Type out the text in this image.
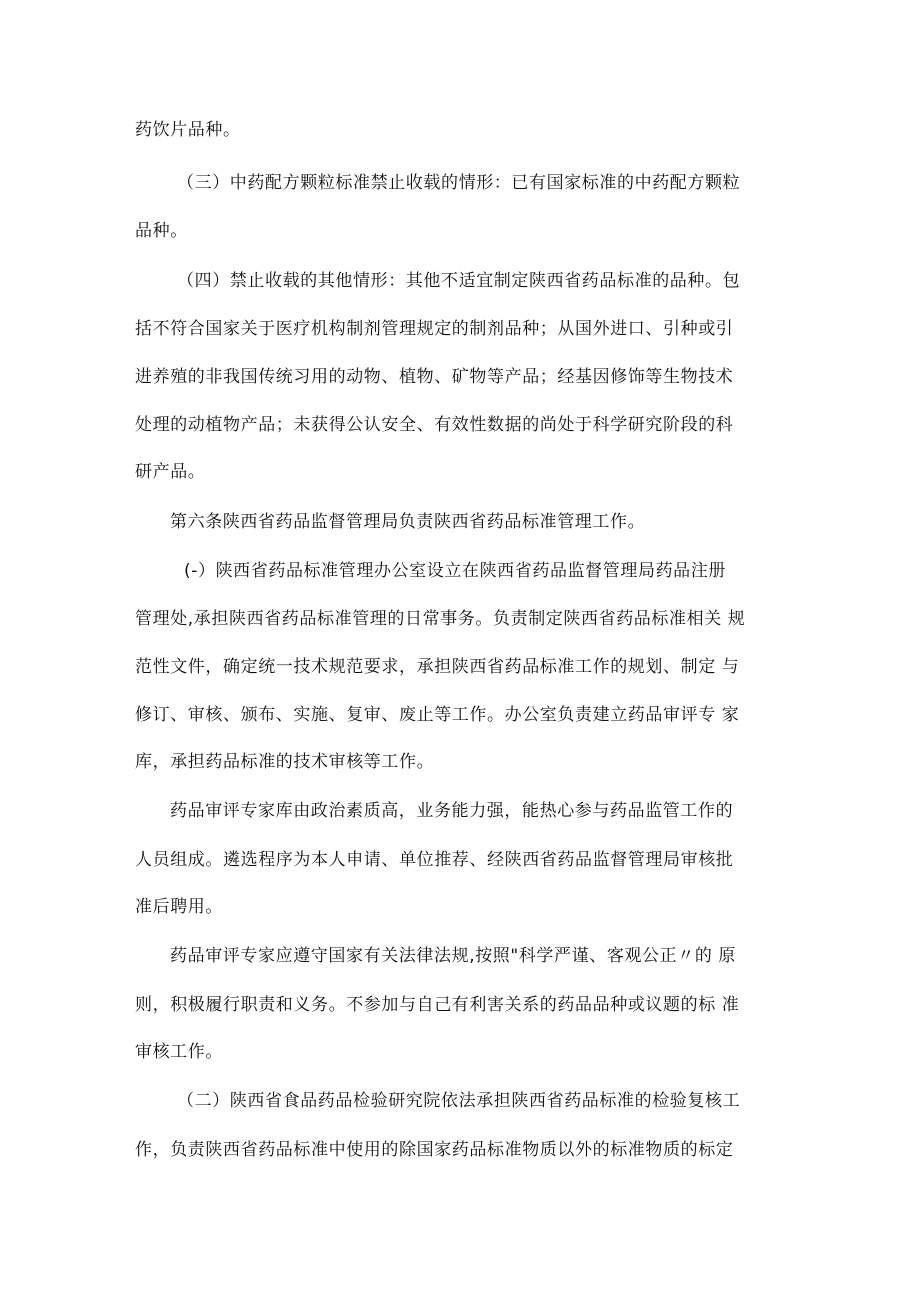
药饮片品种。
（三）中药配方颗粒标准禁止收载的情形：已有国家标准的中药配方颗粒
品种。
（四）禁止收载的其他情形：其他不适宜制定陕西省药品标准的品种。包
括不符合国家关于医疗机构制剂管理规定的制剂品种；从国外进口、引种或引
进养殖的非我国传统习用的动物、植物、矿物等产品；经基因修饰等生物技术
处理的动植物产品；未获得公认安全、有效性数据的尚处于科学研究阶段的科
研产品。
第六条陕西省药品监督管理局负责陕西省药品标准管理工作。
(-）陕西省药品标准管理办公室设立在陕西省药品监督管理局药品注册
管理处,承担陕西省药品标准管理的日常事务。负责制定陕西省药品标准相关 规
范性文件，确定统一技术规范要求，承担陕西省药品标准工作的规划、制定 与
修订、审核、颁布、实施、复审、废止等工作。办公室负责建立药品审评专 家
库，承担药品标准的技术审核等工作。
药品审评专家库由政治素质高，业务能力强，能热心参与药品监管工作的
人员组成。遴选程序为本人申请、单位推荐、经陕西省药品监督管理局审核批
准后聘用。
药品审评专家应遵守国家有关法律法规,按照"科学严谨、客观公正〃的 原
则，积极履行职责和义务。不参加与自己有利害关系的药品品种或议题的标 准
审核工作。
（二）陕西省食品药品检验研究院依法承担陕西省药品标准的检验复核工
作，负责陕西省药品标准中使用的除国家药品标准物质以外的标准物质的标定
